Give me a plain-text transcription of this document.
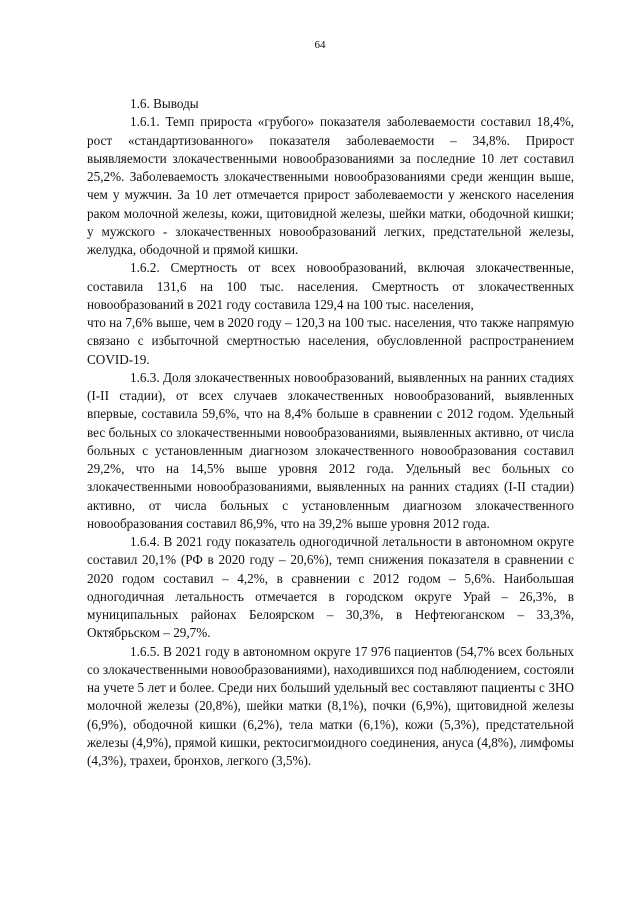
64
1.6. Выводы

1.6.1. Темп прироста «грубого» показателя заболеваемости составил 18,4%, рост «стандартизованного» показателя заболеваемости – 34,8%. Прирост выявляемости злокачественными новообразованиями за последние 10 лет составил 25,2%. Заболеваемость злокачественными новообразованиями среди женщин выше, чем у мужчин. За 10 лет отмечается прирост заболеваемости у женского населения раком молочной железы, кожи, щитовидной железы, шейки матки, ободочной кишки; у мужского - злокачественных новообразований легких, предстательной железы, желудка, ободочной и прямой кишки.

1.6.2. Смертность от всех новообразований, включая злокачественные, составила 131,6 на 100 тыс. населения. Смертность от злокачественных новообразований в 2021 году составила 129,4 на 100 тыс. населения,

что на 7,6% выше, чем в 2020 году – 120,3 на 100 тыс. населения, что также напрямую связано с избыточной смертностью населения, обусловленной распространением COVID-19.

1.6.3. Доля злокачественных новообразований, выявленных на ранних стадиях (I-II стадии), от всех случаев злокачественных новообразований, выявленных впервые, составила 59,6%, что на 8,4% больше в сравнении с 2012 годом. Удельный вес больных со злокачественными новообразованиями, выявленных активно, от числа больных с установленным диагнозом злокачественного новообразования составил 29,2%, что на 14,5% выше уровня 2012 года. Удельный вес больных со злокачественными новообразованиями, выявленных на ранних стадиях (I-II стадии) активно, от числа больных с установленным диагнозом злокачественного новообразования составил 86,9%, что на 39,2% выше уровня 2012 года.

1.6.4. В 2021 году показатель одногодичной летальности в автономном округе составил 20,1% (РФ в 2020 году – 20,6%), темп снижения показателя в сравнении с 2020 годом составил – 4,2%, в сравнении с 2012 годом – 5,6%. Наибольшая одногодичная летальность отмечается в городском округе Урай – 26,3%, в муниципальных районах Белоярском – 30,3%, в Нефтеюганском – 33,3%, Октябрьском – 29,7%.

1.6.5. В 2021 году в автономном округе 17 976 пациентов (54,7% всех больных со злокачественными новообразованиями), находившихся под наблюдением, состояли на учете 5 лет и более. Среди них больший удельный вес составляют пациенты с ЗНО молочной железы (20,8%), шейки матки (8,1%), почки (6,9%), щитовидной железы (6,9%), ободочной кишки (6,2%), тела матки (6,1%), кожи (5,3%), предстательной железы (4,9%), прямой кишки, ректосигмоидного соединения, ануса (4,8%), лимфомы (4,3%), трахеи, бронхов, легкого (3,5%).
